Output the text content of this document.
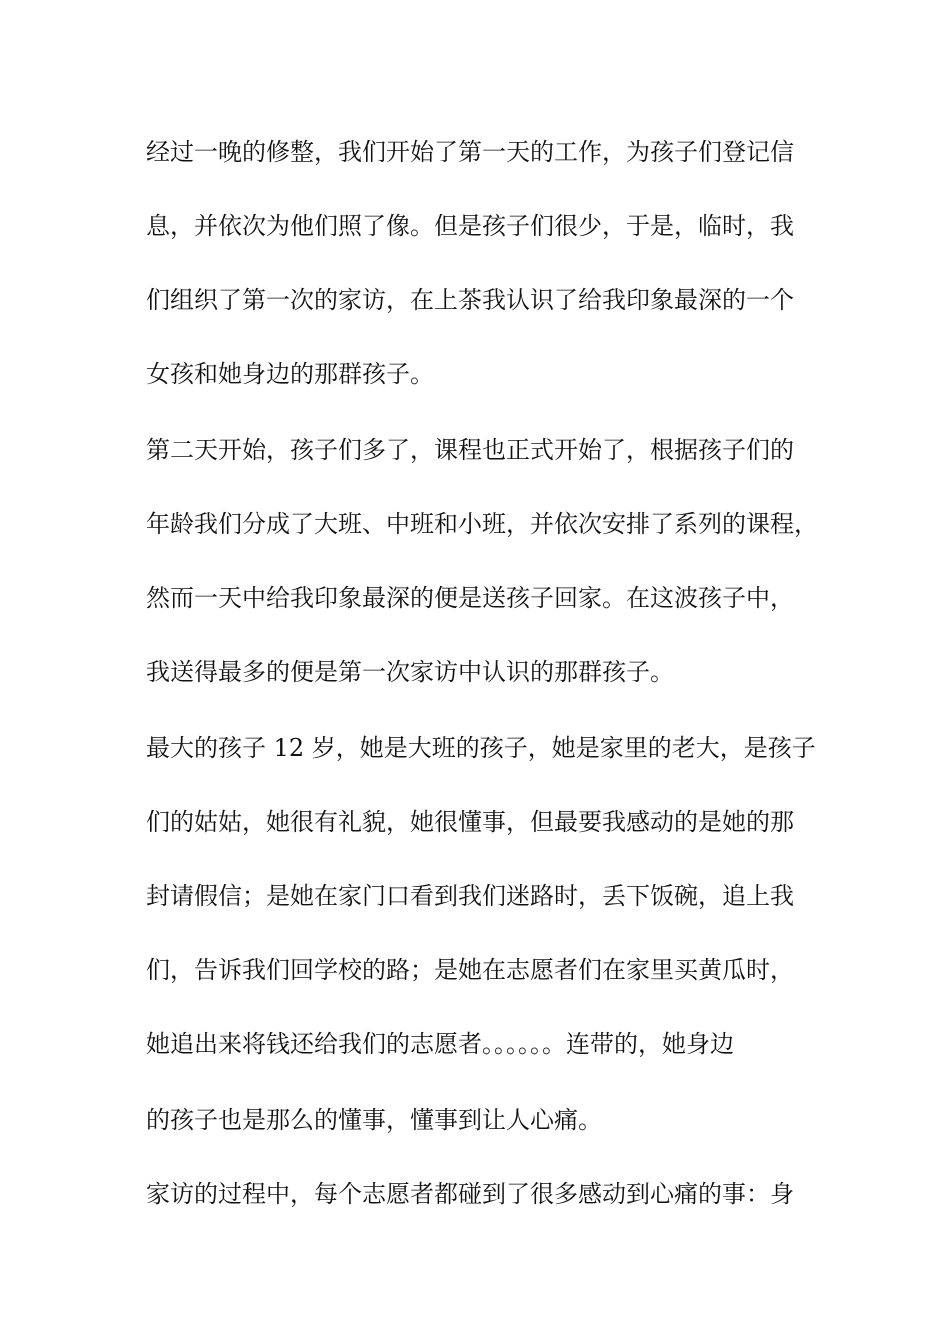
经过一晚的修整，我们开始了第一天的工作，为孩子们登记信
息，并依次为他们照了像。但是孩子们很少，于是，临时，我
们组织了第一次的家访，在上茶我认识了给我印象最深的一个
女孩和她身边的那群孩子。
第二天开始，孩子们多了，课程也正式开始了，根据孩子们的
年龄我们分成了大班、中班和小班，并依次安排了系列的课程，
然而一天中给我印象最深的便是送孩子回家。在这波孩子中，
我送得最多的便是第一次家访中认识的那群孩子。
最大的孩子 12 岁，她是大班的孩子，她是家里的老大，是孩子
们的姑姑，她很有礼貌，她很懂事，但最要我感动的是她的那
封请假信；是她在家门口看到我们迷路时，丢下饭碗，追上我
们，告诉我们回学校的路；是她在志愿者们在家里买黄瓜时，
她追出来将钱还给我们的志愿者。。。。。。连带的，她身边
的孩子也是那么的懂事，懂事到让人心痛。
家访的过程中，每个志愿者都碰到了很多感动到心痛的事：身
